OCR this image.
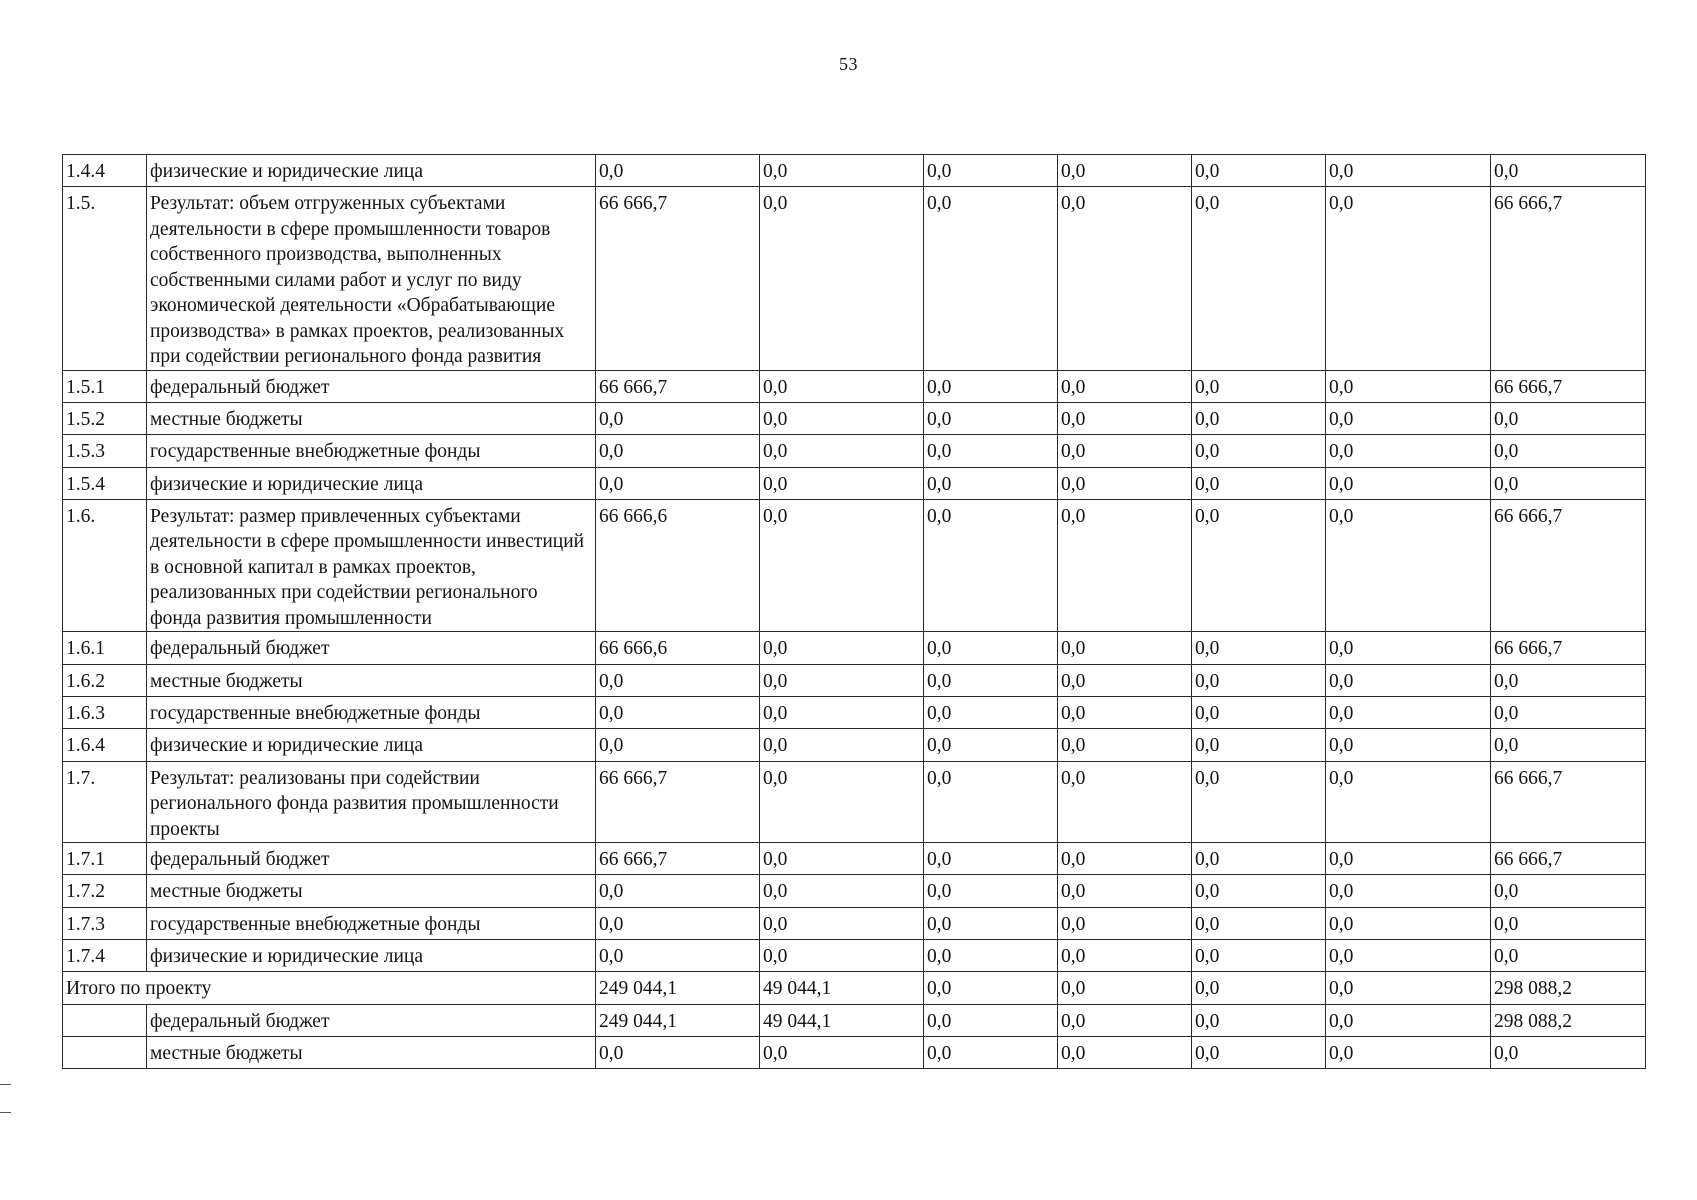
53
1.4.4	физические и юридические лица	0,0	0,0	0,0	0,0	0,0	0,0	0,0
1.5.	Результат: объем отгруженных субъектами деятельности в сфере промышленности товаров собственного производства, выполненных собственными силами работ и услуг по виду экономической деятельности «Обрабатывающие производства» в рамках проектов, реализованных при содействии регионального фонда развития	66 666,7	0,0	0,0	0,0	0,0	0,0	66 666,7
1.5.1	федеральный бюджет	66 666,7	0,0	0,0	0,0	0,0	0,0	66 666,7
1.5.2	местные бюджеты	0,0	0,0	0,0	0,0	0,0	0,0	0,0
1.5.3	государственные внебюджетные фонды	0,0	0,0	0,0	0,0	0,0	0,0	0,0
1.5.4	физические и юридические лица	0,0	0,0	0,0	0,0	0,0	0,0	0,0
1.6.	Результат: размер привлеченных субъектами деятельности в сфере промышленности инвестиций в основной капитал в рамках проектов, реализованных при содействии регионального фонда развития промышленности	66 666,6	0,0	0,0	0,0	0,0	0,0	66 666,7
1.6.1	федеральный бюджет	66 666,6	0,0	0,0	0,0	0,0	0,0	66 666,7
1.6.2	местные бюджеты	0,0	0,0	0,0	0,0	0,0	0,0	0,0
1.6.3	государственные внебюджетные фонды	0,0	0,0	0,0	0,0	0,0	0,0	0,0
1.6.4	физические и юридические лица	0,0	0,0	0,0	0,0	0,0	0,0	0,0
1.7.	Результат: реализованы при содействии регионального фонда развития промышленности проекты	66 666,7	0,0	0,0	0,0	0,0	0,0	66 666,7
1.7.1	федеральный бюджет	66 666,7	0,0	0,0	0,0	0,0	0,0	66 666,7
1.7.2	местные бюджеты	0,0	0,0	0,0	0,0	0,0	0,0	0,0
1.7.3	государственные внебюджетные фонды	0,0	0,0	0,0	0,0	0,0	0,0	0,0
1.7.4	физические и юридические лица	0,0	0,0	0,0	0,0	0,0	0,0	0,0
Итого по проекту		249 044,1	49 044,1	0,0	0,0	0,0	0,0	298 088,2
	федеральный бюджет	249 044,1	49 044,1	0,0	0,0	0,0	0,0	298 088,2
	местные бюджеты	0,0	0,0	0,0	0,0	0,0	0,0	0,0
